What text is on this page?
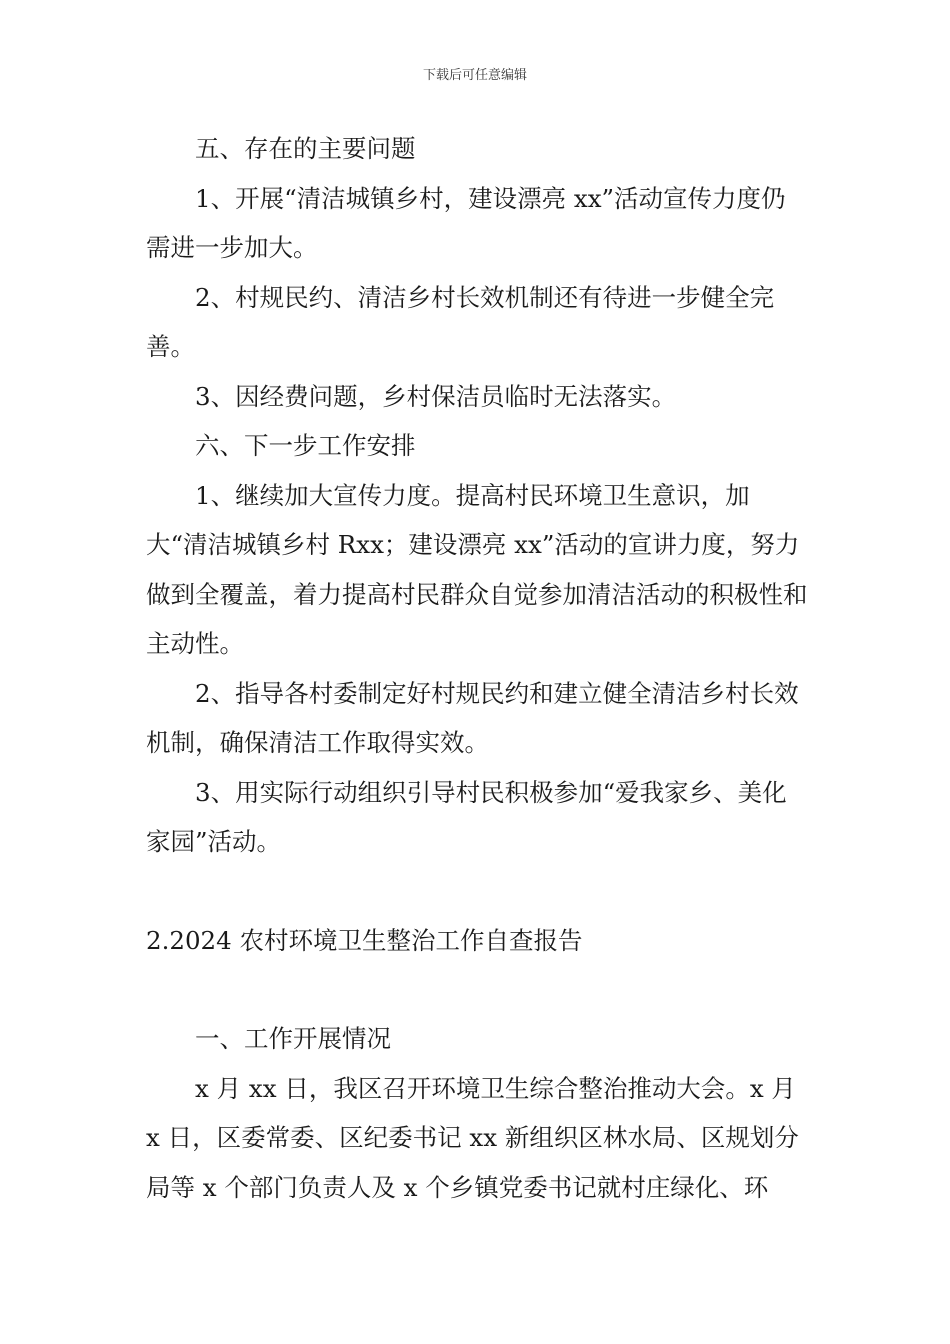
下载后可任意编辑

五、存在的主要问题

1、开展“清洁城镇乡村，建设漂亮 xx”活动宣传力度仍需进一步加大。

2、村规民约、清洁乡村长效机制还有待进一步健全完善。

3、因经费问题，乡村保洁员临时无法落实。

六、下一步工作安排

1、继续加大宣传力度。提高村民环境卫生意识，加大“清洁城镇乡村 Rxx；建设漂亮 xx”活动的宣讲力度，努力做到全覆盖，着力提高村民群众自觉参加清洁活动的积极性和主动性。

2、指导各村委制定好村规民约和建立健全清洁乡村长效机制，确保清洁工作取得实效。

3、用实际行动组织引导村民积极参加“爱我家乡、美化家园”活动。

2.2024 农村环境卫生整治工作自查报告

一、工作开展情况

x 月 xx 日，我区召开环境卫生综合整治推动大会。x 月 x 日，区委常委、区纪委书记 xx 新组织区林水局、区规划分局等 x 个部门负责人及 x 个乡镇党委书记就村庄绿化、环
